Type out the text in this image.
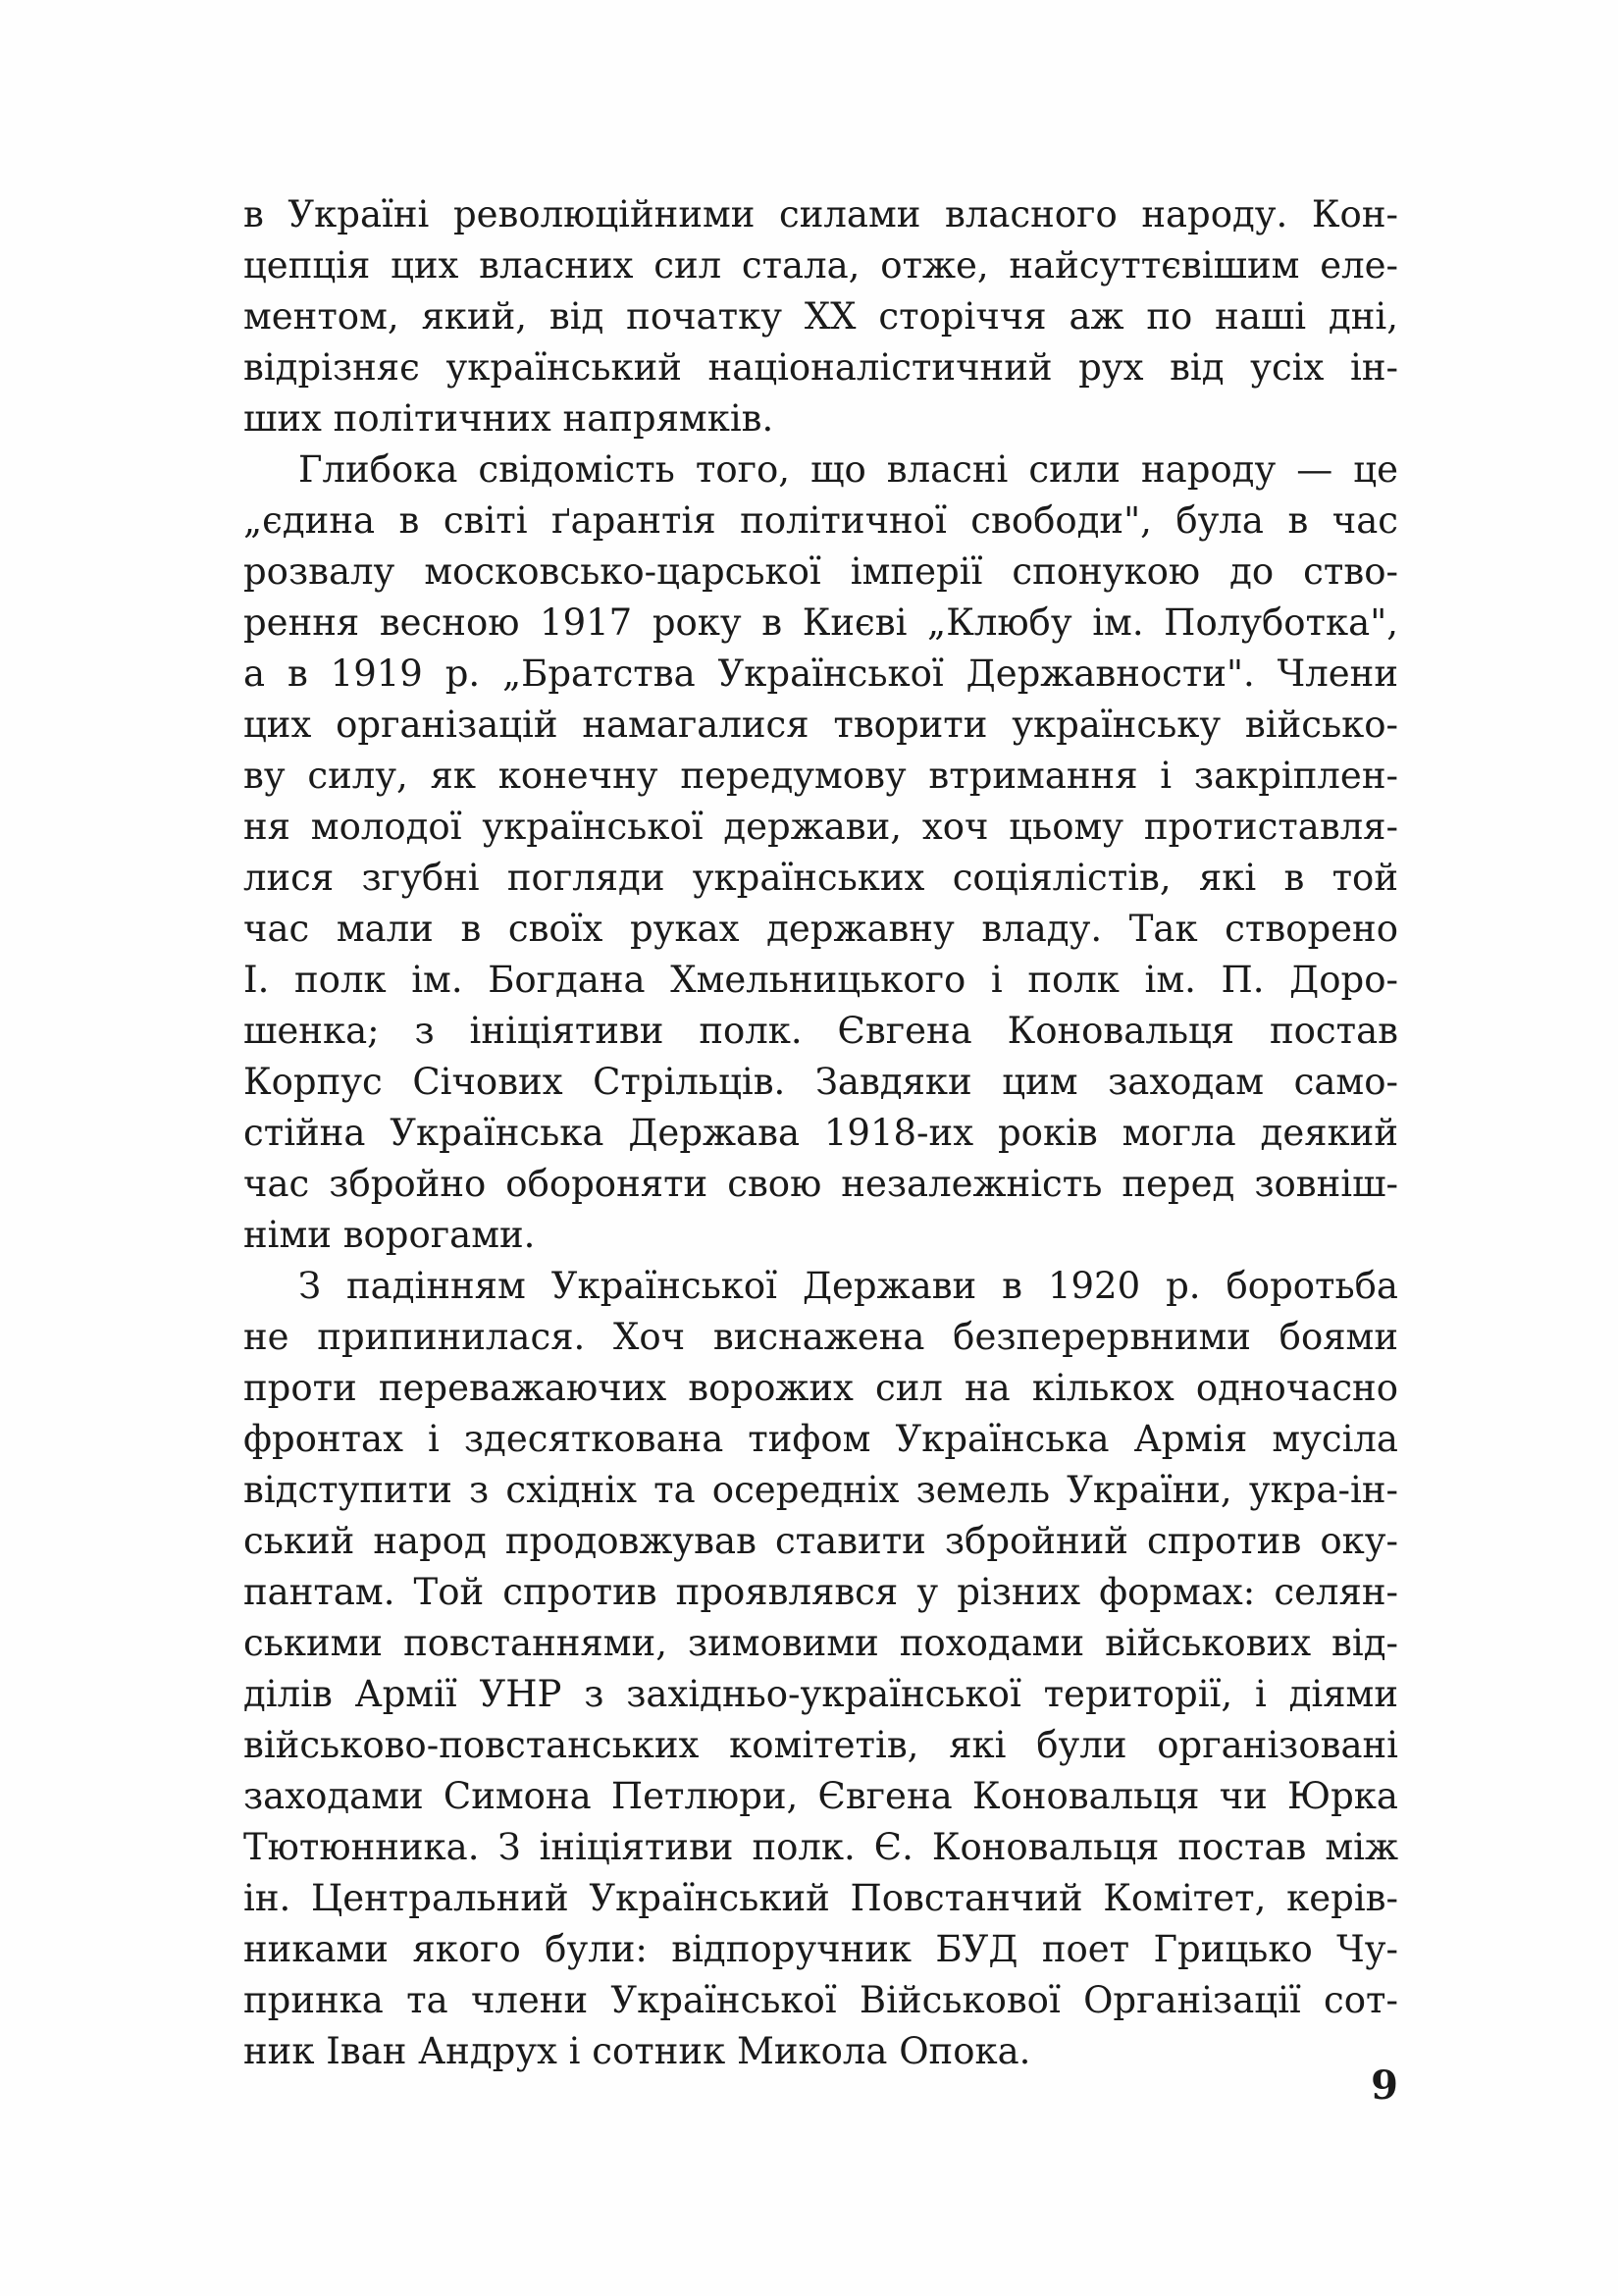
в Україні революційними силами власного народу. Кон-
цепція цих власних сил стала, отже, найсуттєвішим еле-
ментом, який, від початку XX сторіччя аж по наші дні,
відрізняє український націоналістичний рух від усіх ін-
ших політичних напрямків.
Глибока свідомість того, що власні сили народу — це
„єдина в світі ґарантія політичної свободи", була в час
розвалу московсько-царської імперії спонукою до ство-
рення весною 1917 року в Києві „Клюбу ім. Полуботка",
а в 1919 р. „Братства Української Державности". Члени
цих організацій намагалися творити українську військо-
ву силу, як конечну передумову втримання і закріплен-
ня молодої української держави, хоч цьому протиставля-
лися згубні погляди українських соціялістів, які в той
час мали в своїх руках державну владу. Так створено
І. полк ім. Богдана Хмельницького і полк ім. П. Доро-
шенка; з ініціятиви полк. Євгена Коновальця постав
Корпус Січових Стрільців. Завдяки цим заходам само-
стійна Українська Держава 1918-их років могла деякий
час збройно обороняти свою незалежність перед зовніш-
німи ворогами.
З падінням Української Держави в 1920 р. боротьба
не припинилася. Хоч виснажена безперервними боями
проти переважаючих ворожих сил на кількох одночасно
фронтах і здесяткована тифом Українська Армія мусіла
відступити з східніх та осередніх земель України, укра-ін-
ський народ продовжував ставити збройний спротив оку-
пантам. Той спротив проявлявся у різних формах: селян-
ськими повстаннями, зимовими походами військових від-
ділів Армії УНР з західньо-української території, і діями
військово-повстанських комітетів, які були організовані
заходами Симона Петлюри, Євгена Коновальця чи Юрка
Тютюнника. З ініціятиви полк. Є. Коновальця постав між
ін. Центральний Український Повстанчий Комітет, керів-
никами якого були: відпоручник БУД поет Грицько Чу-
принка та члени Української Військової Організації сот-
ник Іван Андрух і сотник Микола Опока.
9
